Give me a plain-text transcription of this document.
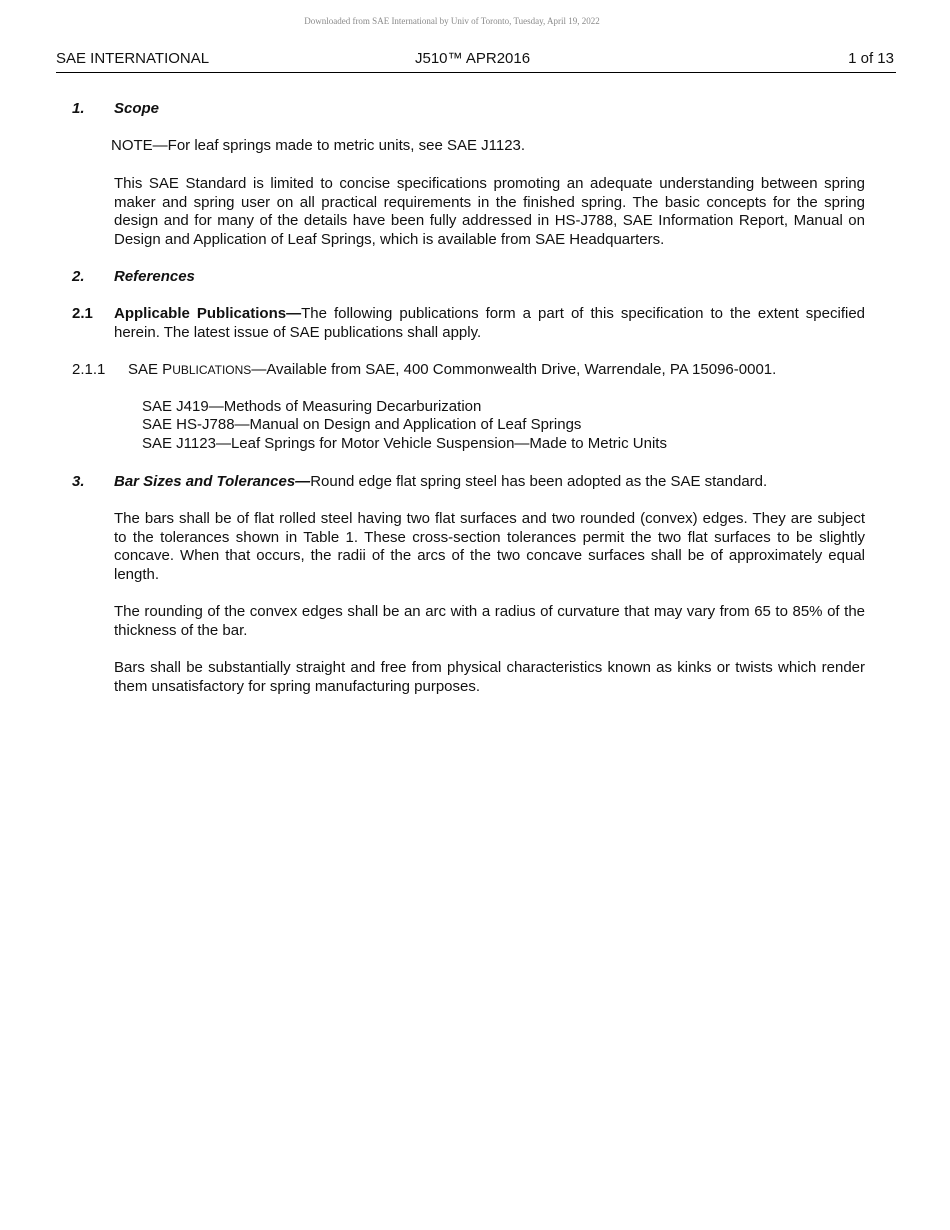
Downloaded from SAE International by Univ of Toronto, Tuesday, April 19, 2022
SAE INTERNATIONAL	J510™ APR2016	1 of 13
1. Scope
NOTE—For leaf springs made to metric units, see SAE J1123.
This SAE Standard is limited to concise specifications promoting an adequate understanding between spring maker and spring user on all practical requirements in the finished spring. The basic concepts for the spring design and for many of the details have been fully addressed in HS-J788, SAE Information Report, Manual on Design and Application of Leaf Springs, which is available from SAE Headquarters.
2. References
2.1 Applicable Publications—The following publications form a part of this specification to the extent specified herein. The latest issue of SAE publications shall apply.
2.1.1 SAE PUBLICATIONS—Available from SAE, 400 Commonwealth Drive, Warrendale, PA 15096-0001.
SAE J419—Methods of Measuring Decarburization
SAE HS-J788—Manual on Design and Application of Leaf Springs
SAE J1123—Leaf Springs for Motor Vehicle Suspension—Made to Metric Units
3. Bar Sizes and Tolerances—Round edge flat spring steel has been adopted as the SAE standard.
The bars shall be of flat rolled steel having two flat surfaces and two rounded (convex) edges. They are subject to the tolerances shown in Table 1. These cross-section tolerances permit the two flat surfaces to be slightly concave. When that occurs, the radii of the arcs of the two concave surfaces shall be of approximately equal length.
The rounding of the convex edges shall be an arc with a radius of curvature that may vary from 65 to 85% of the thickness of the bar.
Bars shall be substantially straight and free from physical characteristics known as kinks or twists which render them unsatisfactory for spring manufacturing purposes.
